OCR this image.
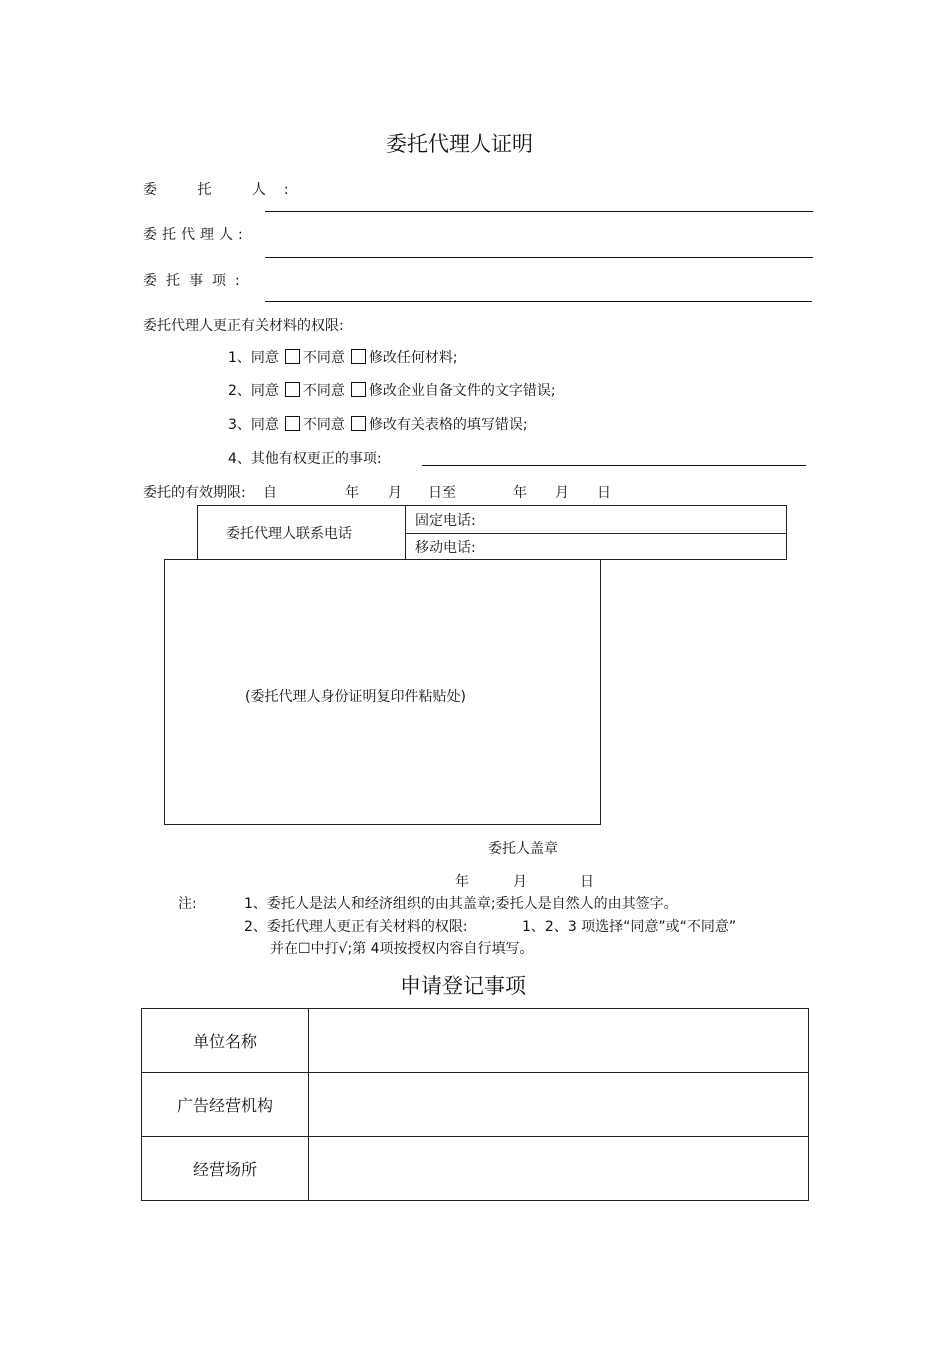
委托代理人证明
委 托 人:
委托代理人:
委托事项:
委托代理人更正有关材料的权限:
1、同意 不同意 修改任何材料;
2、同意 不同意 修改企业自备文件的文字错误;
3、同意 不同意 修改有关表格的填写错误;
4、其他有权更正的事项:
委托的有效期限: 自	年 月 日至	年 月 日
委托代理人联系电话
固定电话:
移动电话:
(委托代理人身份证明复印件粘贴处)
委托人盖章
年	月	日
注:	1、委托人是法人和经济组织的由其盖章;委托人是自然人的由其签字。
2、委托代理人更正有关材料的权限:	1、2、3 项选择“同意”或“不同意”
并在☐中打√;第 4项按授权内容自行填写。
申请登记事项
单位名称	
广告经营机构	
经营场所	
